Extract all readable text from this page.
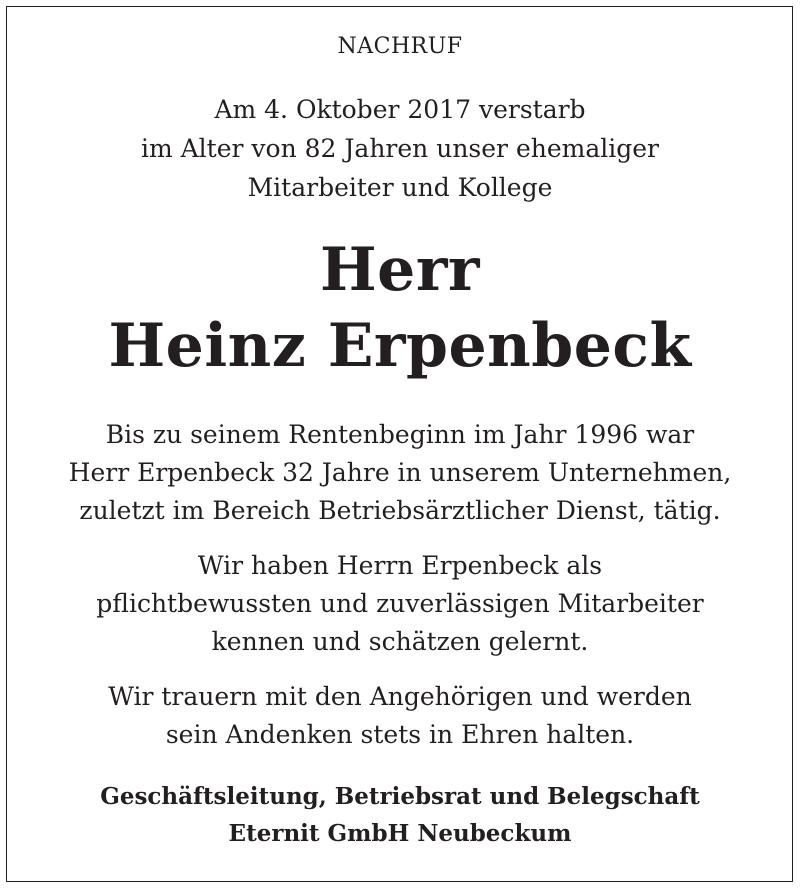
NACHRUF
Am 4. Oktober 2017 verstarb
im Alter von 82 Jahren unser ehemaliger
Mitarbeiter und Kollege
Herr
Heinz Erpenbeck
Bis zu seinem Rentenbeginn im Jahr 1996 war
Herr Erpenbeck 32 Jahre in unserem Unternehmen,
zuletzt im Bereich Betriebsärztlicher Dienst, tätig.
Wir haben Herrn Erpenbeck als
pflichtbewussten und zuverlässigen Mitarbeiter
kennen und schätzen gelernt.
Wir trauern mit den Angehörigen und werden
sein Andenken stets in Ehren halten.
Geschäftsleitung, Betriebsrat und Belegschaft
Eternit GmbH Neubeckum
